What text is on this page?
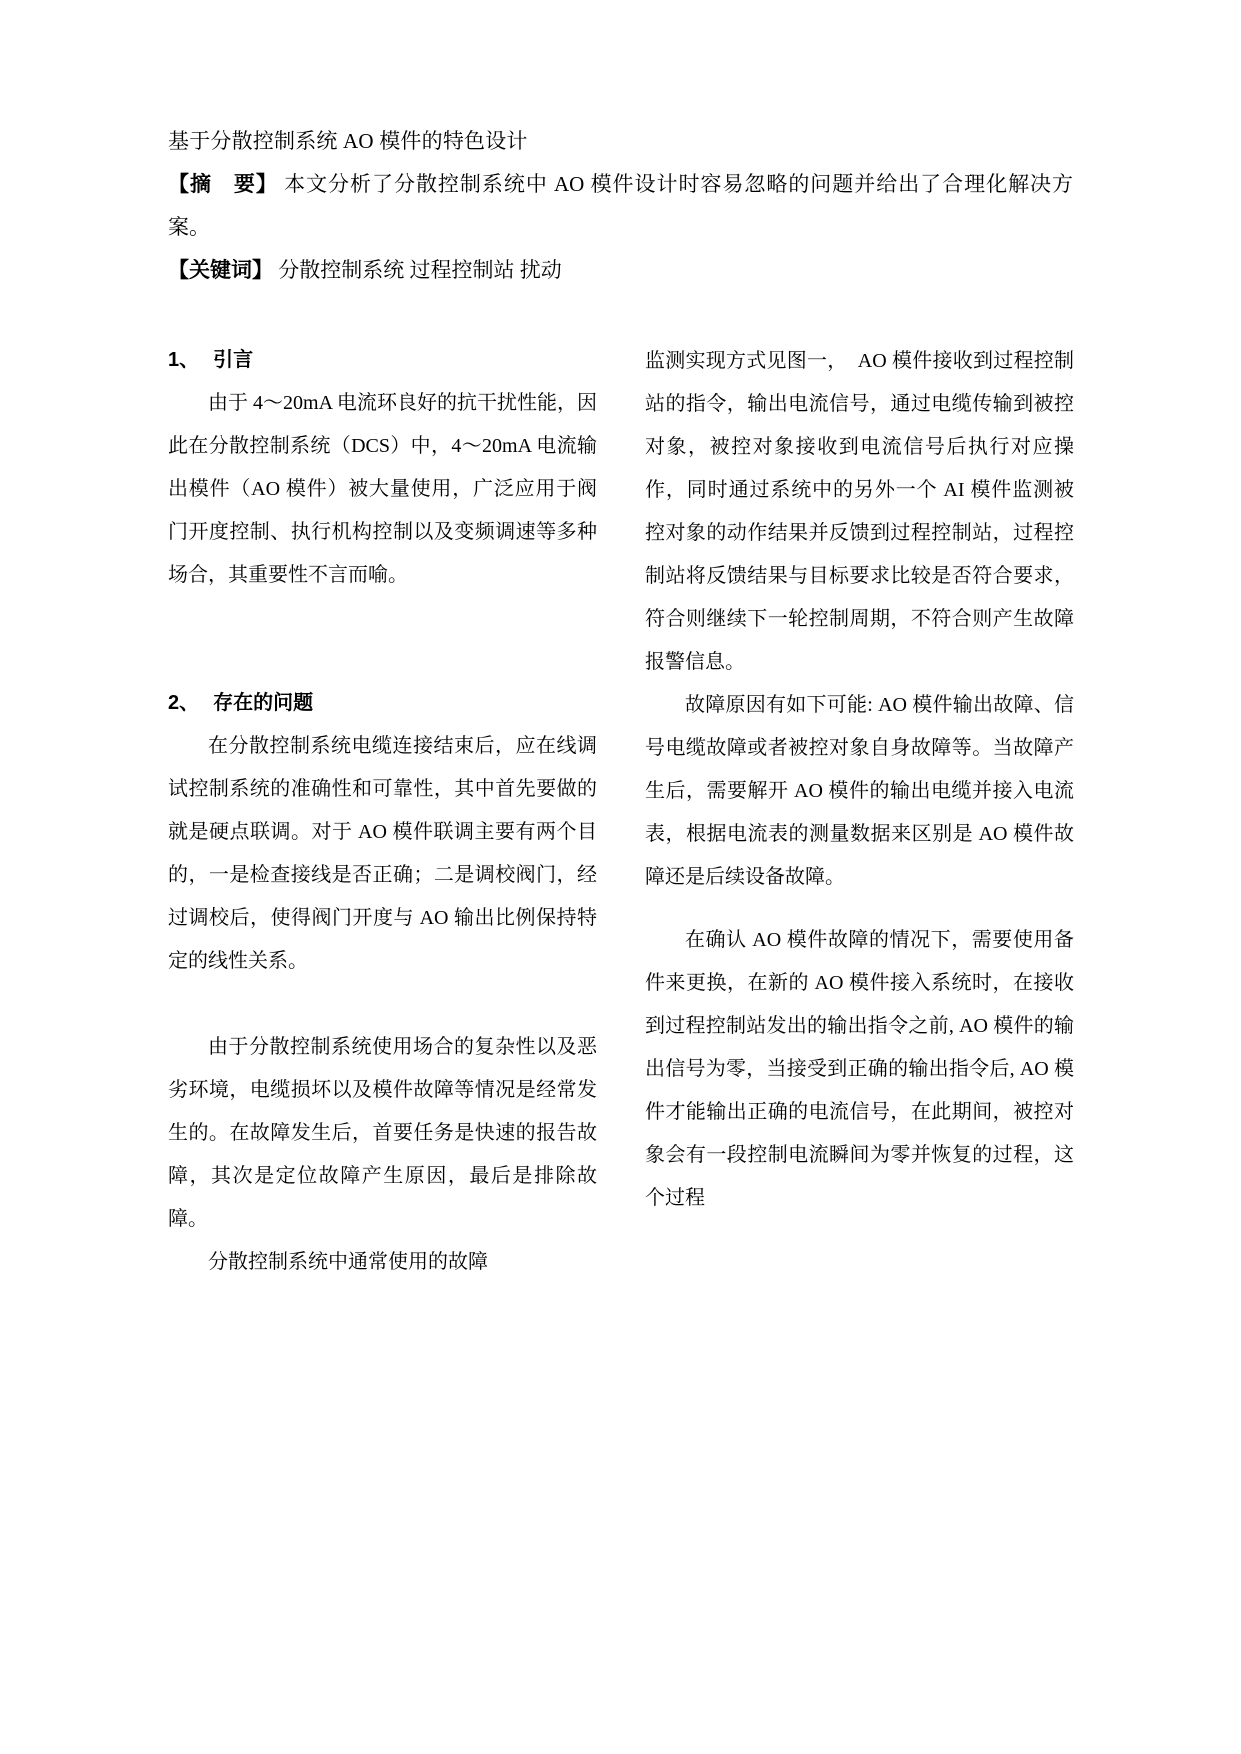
基于分散控制系统 AO 模件的特色设计
【摘　要】 本文分析了分散控制系统中 AO 模件设计时容易忽略的问题并给出了合理化解决方案。
【关键词】 分散控制系统 过程控制站 扰动
1、 引言

由于 4～20mA 电流环良好的抗干扰性能，因此在分散控制系统（DCS）中，4～20mA 电流输出模件（AO 模件）被大量使用，广泛应用于阀门开度控制、执行机构控制以及变频调速等多种场合，其重要性不言而喻。

2、 存在的问题

在分散控制系统电缆连接结束后，应在线调试控制系统的准确性和可靠性，其中首先要做的就是硬点联调。对于 AO 模件联调主要有两个目的，一是检查接线是否正确；二是调校阀门，经过调校后，使得阀门开度与 AO 输出比例保持特定的线性关系。

由于分散控制系统使用场合的复杂性以及恶劣环境，电缆损坏以及模件故障等情况是经常发生的。在故障发生后，首要任务是快速的报告故障，其次是定位故障产生原因，最后是排除故障。

分散控制系统中通常使用的故障

监测实现方式见图一，　AO 模件接收到过程控制站的指令，输出电流信号，通过电缆传输到被控对象，被控对象接收到电流信号后执行对应操作，同时通过系统中的另外一个 AI 模件监测被控对象的动作结果并反馈到过程控制站，过程控制站将反馈结果与目标要求比较是否符合要求，符合则继续下一轮控制周期，不符合则产生故障报警信息。

故障原因有如下可能: AO 模件输出故障、信号电缆故障或者被控对象自身故障等。当故障产生后，需要解开 AO 模件的输出电缆并接入电流表，根据电流表的测量数据来区别是 AO 模件故障还是后续设备故障。

在确认 AO 模件故障的情况下，需要使用备件来更换，在新的 AO 模件接入系统时，在接收到过程控制站发出的输出指令之前, AO 模件的输出信号为零，当接受到正确的输出指令后, AO 模件才能输出正确的电流信号，在此期间，被控对象会有一段控制电流瞬间为零并恢复的过程，这个过程
